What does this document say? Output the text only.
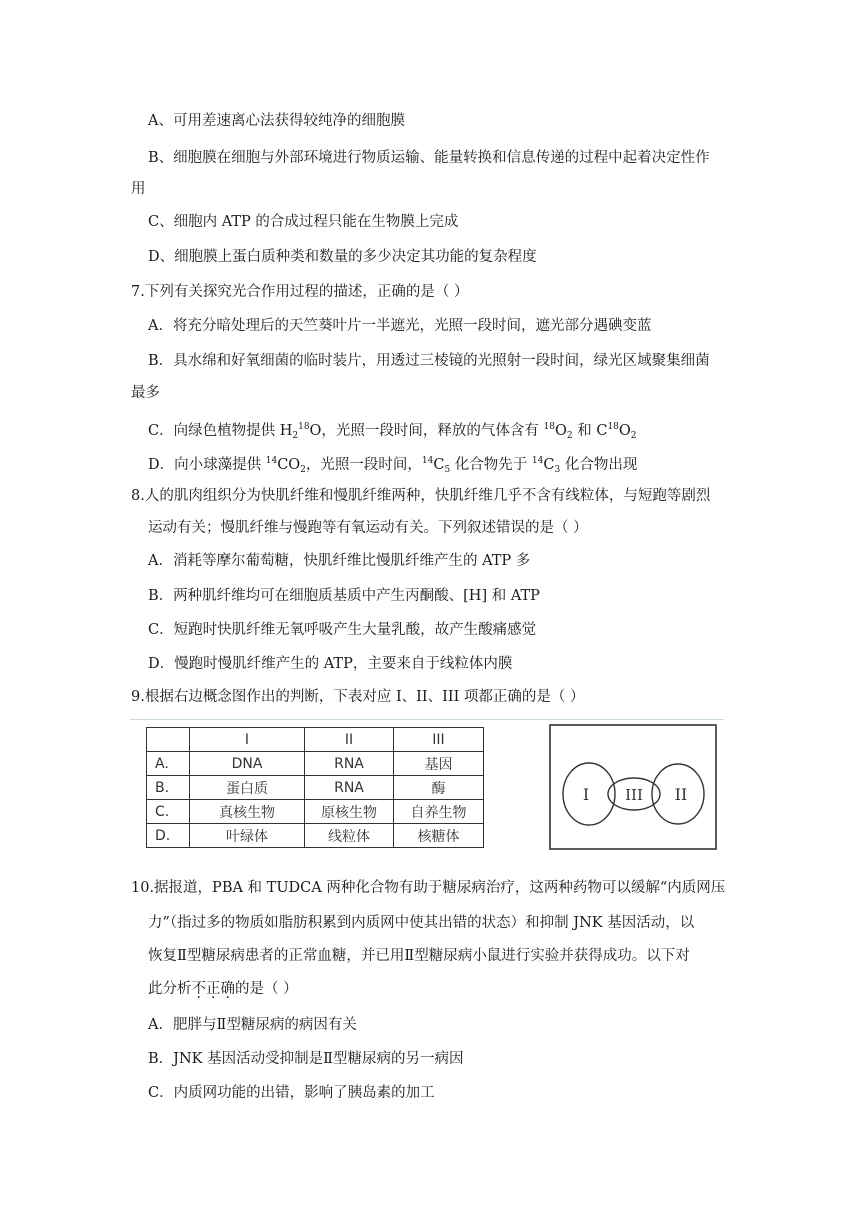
A、可用差速离心法获得较纯净的细胞膜
B、细胞膜在细胞与外部环境进行物质运输、能量转换和信息传递的过程中起着决定性作
用
C、细胞内 ATP 的合成过程只能在生物膜上完成
D、细胞膜上蛋白质种类和数量的多少决定其功能的复杂程度
7.下列有关探究光合作用过程的描述，正确的是（ ）
A．将充分暗处理后的天竺葵叶片一半遮光，光照一段时间，遮光部分遇碘变蓝
B．具水绵和好氧细菌的临时装片，用透过三棱镜的光照射一段时间，绿光区域聚集细菌
最多
C．向绿色植物提供 $H_2^{18}O$，光照一段时间，释放的气体含有 $^{18}O_2$ 和 $C^{18}O_2$
D．向小球藻提供 $^{14}CO_2$，光照一段时间，$^{14}C_5$ 化合物先于 $^{14}C_3$ 化合物出现
8.人的肌肉组织分为快肌纤维和慢肌纤维两种，快肌纤维几乎不含有线粒体，与短跑等剧烈
运动有关；慢肌纤维与慢跑等有氧运动有关。下列叙述错误的是（ ）
A．消耗等摩尔葡萄糖，快肌纤维比慢肌纤维产生的 ATP 多
B．两种肌纤维均可在细胞质基质中产生丙酮酸、[H] 和 ATP
C．短跑时快肌纤维无氧呼吸产生大量乳酸，故产生酸痛感觉
D．慢跑时慢肌纤维产生的 ATP，主要来自于线粒体内膜
9.根据右边概念图作出的判断，下表对应 I、II、III 项都正确的是（ ）
	I	II	III
A.	DNA	RNA	基因
B.	蛋白质	RNA	酶
C.	真核生物	原核生物	自养生物
D.	叶绿体	线粒体	核糖体
I III II
10.据报道，PBA 和 TUDCA 两种化合物有助于糖尿病治疗，这两种药物可以缓解“内质网压
力”（指过多的物质如脂肪积累到内质网中使其出错的状态）和抑制 JNK 基因活动，以
恢复Ⅱ型糖尿病患者的正常血糖，并已用Ⅱ型糖尿病小鼠进行实验并获得成功。以下对
此分析不正确的是（ ）
A．肥胖与Ⅱ型糖尿病的病因有关
B．JNK 基因活动受抑制是Ⅱ型糖尿病的另一病因
C．内质网功能的出错，影响了胰岛素的加工
